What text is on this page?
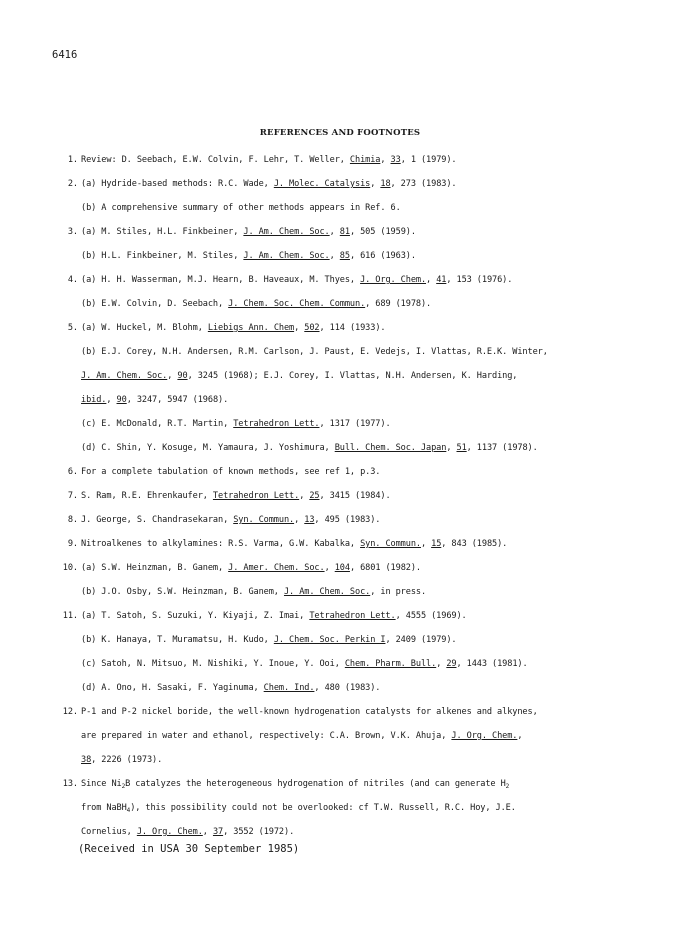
6416
REFERENCES AND FOOTNOTES
1. Review: D. Seebach, E.W. Colvin, F. Lehr, T. Weller, Chimia, 33, 1 (1979).
2. (a) Hydride-based methods: R.C. Wade, J. Molec. Catalysis, 18, 273 (1983).
(b) A comprehensive summary of other methods appears in Ref. 6.
3. (a) M. Stiles, H.L. Finkbeiner, J. Am. Chem. Soc., 81, 505 (1959).
(b) H.L. Finkbeiner, M. Stiles, J. Am. Chem. Soc., 85, 616 (1963).
4. (a) H. H. Wasserman, M.J. Hearn, B. Haveaux, M. Thyes, J. Org. Chem., 41, 153 (1976).
(b) E.W. Colvin, D. Seebach, J. Chem. Soc. Chem. Commun., 689 (1978).
5. (a) W. Huckel, M. Blohm, Liebigs Ann. Chem, 502, 114 (1933).
(b) E.J. Corey, N.H. Andersen, R.M. Carlson, J. Paust, E. Vedejs, I. Vlattas, R.E.K. Winter,
J. Am. Chem. Soc., 90, 3245 (1968); E.J. Corey, I. Vlattas, N.H. Andersen, K. Harding,
ibid., 90, 3247, 5947 (1968).
(c) E. McDonald, R.T. Martin, Tetrahedron Lett., 1317 (1977).
(d) C. Shin, Y. Kosuge, M. Yamaura, J. Yoshimura, Bull. Chem. Soc. Japan, 51, 1137 (1978).
6. For a complete tabulation of known methods, see ref 1, p.3.
7. S. Ram, R.E. Ehrenkaufer, Tetrahedron Lett., 25, 3415 (1984).
8. J. George, S. Chandrasekaran, Syn. Commun., 13, 495 (1983).
9. Nitroalkenes to alkylamines: R.S. Varma, G.W. Kabalka, Syn. Commun., 15, 843 (1985).
10. (a) S.W. Heinzman, B. Ganem, J. Amer. Chem. Soc., 104, 6801 (1982).
(b) J.O. Osby, S.W. Heinzman, B. Ganem, J. Am. Chem. Soc., in press.
11. (a) T. Satoh, S. Suzuki, Y. Kiyaji, Z. Imai, Tetrahedron Lett., 4555 (1969).
(b) K. Hanaya, T. Muramatsu, H. Kudo, J. Chem. Soc. Perkin I, 2409 (1979).
(c) Satoh, N. Mitsuo, M. Nishiki, Y. Inoue, Y. Ooi, Chem. Pharm. Bull., 29, 1443 (1981).
(d) A. Ono, H. Sasaki, F. Yaginuma, Chem. Ind., 480 (1983).
12. P-1 and P-2 nickel boride, the well-known hydrogenation catalysts for alkenes and alkynes,
are prepared in water and ethanol, respectively: C.A. Brown, V.K. Ahuja, J. Org. Chem.,
38, 2226 (1973).
13. Since $Ni_2B$ catalyzes the heterogeneous hydrogenation of nitriles (and can generate $H_2$
from NaBH$_4$), this possibility could not be overlooked: cf T.W. Russell, R.C. Hoy, J.E.
Cornelius, J. Org. Chem., 37, 3552 (1972).
(Received in USA 30 September 1985)
